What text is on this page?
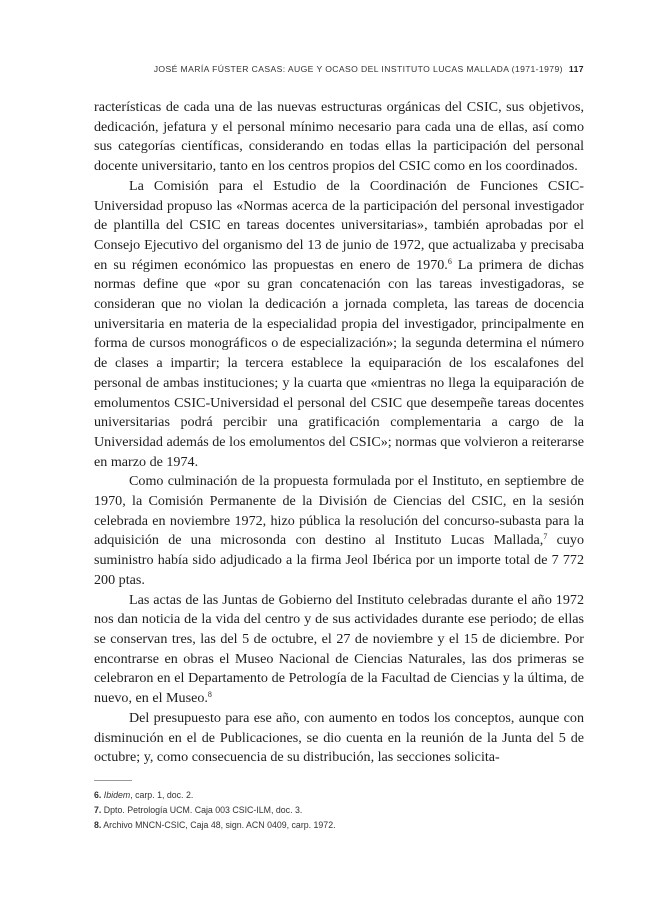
JOSÉ MARÍA FÚSTER CASAS: AUGE Y OCASO DEL INSTITUTO LUCAS MALLADA (1971-1979) 117

racterísticas de cada una de las nuevas estructuras orgánicas del CSIC, sus objetivos, dedicación, jefatura y el personal mínimo necesario para cada una de ellas, así como sus categorías científicas, considerando en todas ellas la participación del personal docente universitario, tanto en los centros propios del CSIC como en los coordinados.

La Comisión para el Estudio de la Coordinación de Funciones CSIC-Universidad propuso las «Normas acerca de la participación del personal investigador de plantilla del CSIC en tareas docentes universitarias», también aprobadas por el Consejo Ejecutivo del organismo del 13 de junio de 1972, que actualizaba y precisaba en su régimen económico las propuestas en enero de 1970.$^6$ La primera de dichas normas define que «por su gran concatenación con las tareas investigadoras, se consideran que no violan la dedicación a jornada completa, las tareas de docencia universitaria en materia de la especialidad propia del investigador, principalmente en forma de cursos monográficos o de especialización»; la segunda determina el número de clases a impartir; la tercera establece la equiparación de los escalafones del personal de ambas instituciones; y la cuarta que «mientras no llega la equiparación de emolumentos CSIC-Universidad el personal del CSIC que desempeñe tareas docentes universitarias podrá percibir una gratificación complementaria a cargo de la Universidad además de los emolumentos del CSIC»; normas que volvieron a reiterarse en marzo de 1974.

Como culminación de la propuesta formulada por el Instituto, en septiembre de 1970, la Comisión Permanente de la División de Ciencias del CSIC, en la sesión celebrada en noviembre 1972, hizo pública la resolución del concurso-subasta para la adquisición de una microsonda con destino al Instituto Lucas Mallada,$^7$ cuyo suministro había sido adjudicado a la firma Jeol Ibérica por un importe total de 7 772 200 ptas.

Las actas de las Juntas de Gobierno del Instituto celebradas durante el año 1972 nos dan noticia de la vida del centro y de sus actividades durante ese periodo; de ellas se conservan tres, las del 5 de octubre, el 27 de noviembre y el 15 de diciembre. Por encontrarse en obras el Museo Nacional de Ciencias Naturales, las dos primeras se celebraron en el Departamento de Petrología de la Facultad de Ciencias y la última, de nuevo, en el Museo.$^8$

Del presupuesto para ese año, con aumento en todos los conceptos, aunque con disminución en el de Publicaciones, se dio cuenta en la reunión de la Junta del 5 de octubre; y, como consecuencia de su distribución, las secciones solicita-

6. Ibidem, carp. 1, doc. 2.

7. Dpto. Petrología UCM. Caja 003 CSIC-ILM, doc. 3.

8. Archivo MNCN-CSIC, Caja 48, sign. ACN 0409, carp. 1972.
